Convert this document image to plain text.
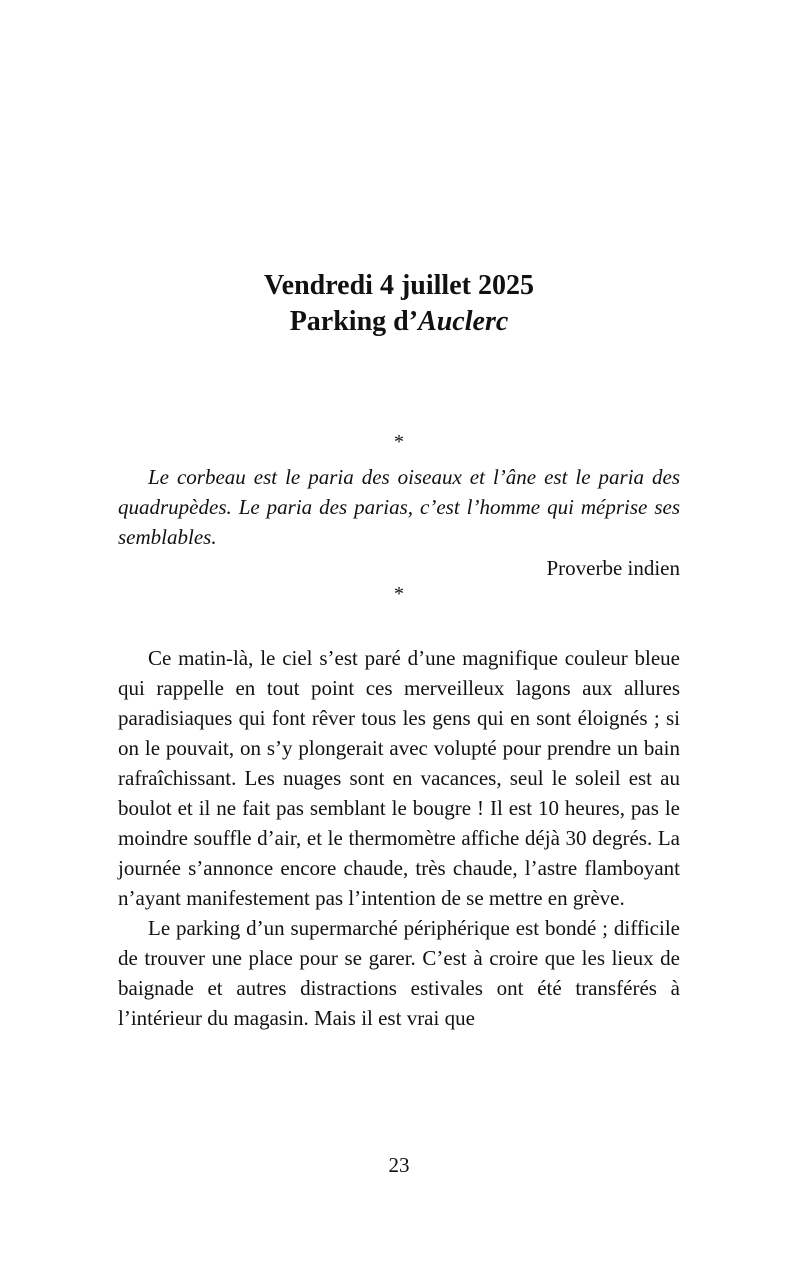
Vendredi 4 juillet 2025
Parking d’Auclerc
*

Le corbeau est le paria des oiseaux et l’âne est le paria des quadrupèdes. Le paria des parias, c’est l’homme qui méprise ses semblables.

Proverbe indien

*

Ce matin-là, le ciel s’est paré d’une magnifique couleur bleue qui rappelle en tout point ces merveilleux lagons aux allures paradisiaques qui font rêver tous les gens qui en sont éloignés ; si on le pouvait, on s’y plongerait avec volupté pour prendre un bain rafraîchissant. Les nuages sont en vacances, seul le soleil est au boulot et il ne fait pas semblant le bougre ! Il est 10 heures, pas le moindre souffle d’air, et le thermomètre affiche déjà 30 degrés. La journée s’annonce encore chaude, très chaude, l’astre flamboyant n’ayant manifestement pas l’intention de se mettre en grève.

Le parking d’un supermarché périphérique est bondé ; difficile de trouver une place pour se garer. C’est à croire que les lieux de baignade et autres distractions estivales ont été transférés à l’intérieur du magasin. Mais il est vrai que

23
